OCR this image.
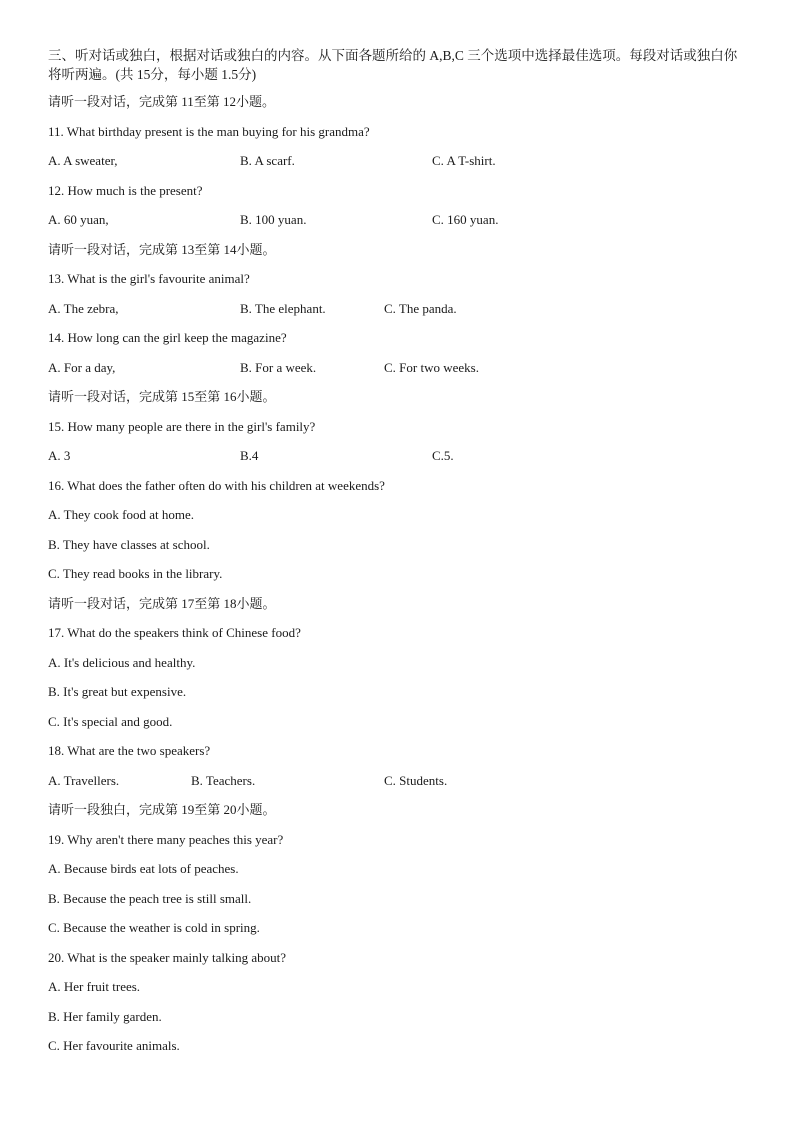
三、听对话或独白，根据对话或独白的内容。从下面各题所给的 A,B,C 三个选项中选择最佳选项。每段对话或独白你将听两遍。(共 15分，每小题 1.5分)
请听一段对话，完成第 11至第 12小题。
11. What birthday present is the man buying for his grandma?
A. A sweater,	B. A scarf.	C. A T-shirt.
12. How much is the present?
A. 60 yuan,	B. 100 yuan.	C. 160 yuan.
请听一段对话，完成第 13至第 14小题。
13. What is the girl's favourite animal?
A. The zebra,	B. The elephant.	C. The panda.
14. How long can the girl keep the magazine?
A. For a day,	B. For a week.	C. For two weeks.
请听一段对话，完成第 15至第 16小题。
15. How many people are there in the girl's family?
A. 3	B.4	C.5.
16. What does the father often do with his children at weekends?
A. They cook food at home.
B. They have classes at school.
C. They read books in the library.
请听一段对话，完成第 17至第 18小题。
17. What do the speakers think of Chinese food?
A. It's delicious and healthy.
B. It's great but expensive.
C. It's special and good.
18. What are the two speakers?
A. Travellers.	B. Teachers.	C. Students.
请听一段独白，完成第 19至第 20小题。
19. Why aren't there many peaches this year?
A. Because birds eat lots of peaches.
B. Because the peach tree is still small.
C. Because the weather is cold in spring.
20. What is the speaker mainly talking about?
A. Her fruit trees.
B. Her family garden.
C. Her favourite animals.
